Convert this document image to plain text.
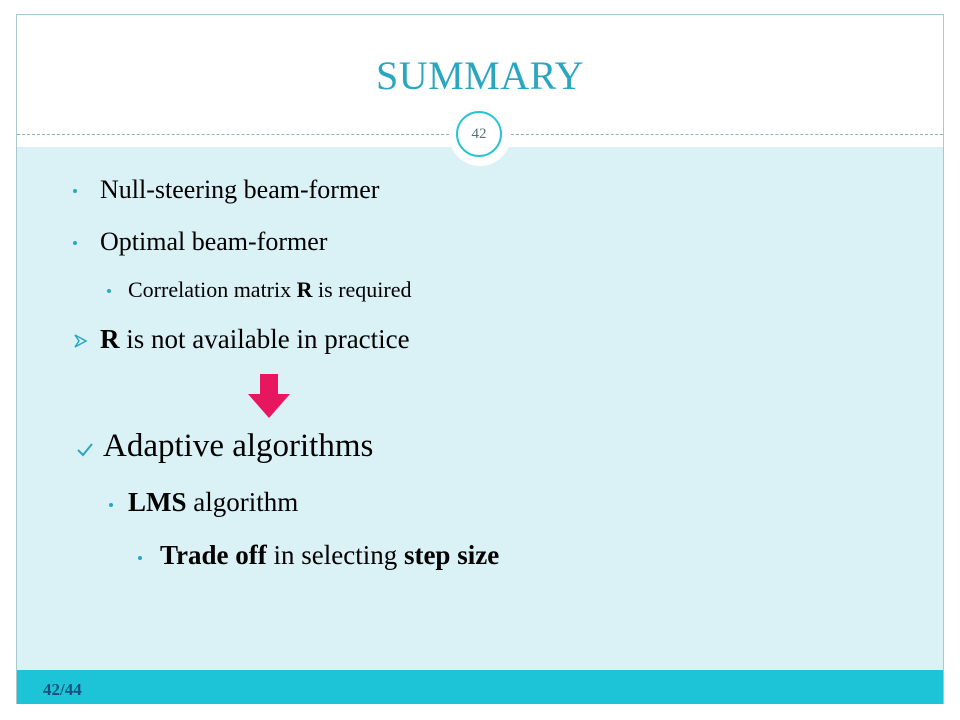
SUMMARY
42
Null-steering beam-former
Optimal beam-former
Correlation matrix R is required
R is not available in practice
Adaptive algorithms
LMS algorithm
Trade off in selecting step size
42/44
